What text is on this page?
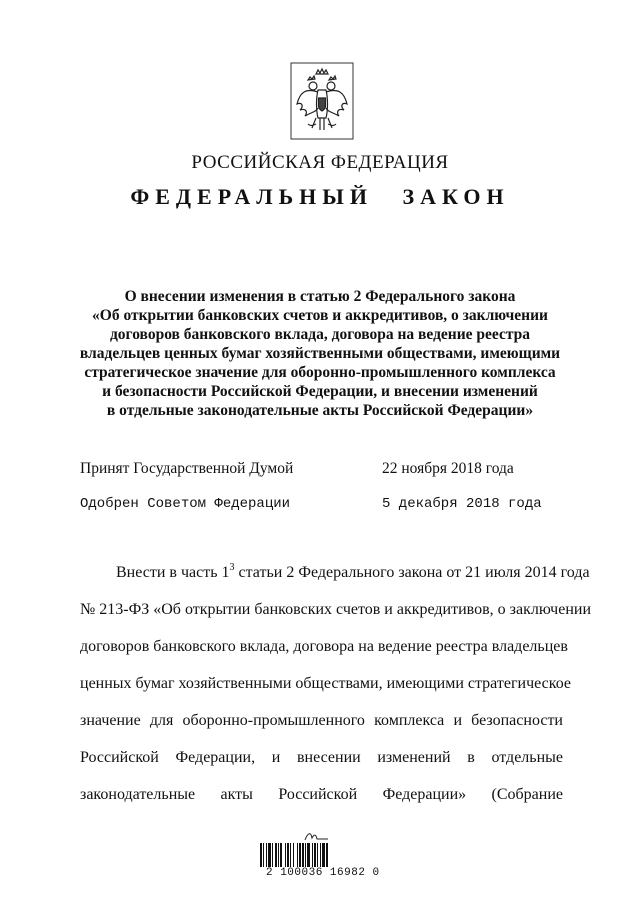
РОССИЙСКАЯ ФЕДЕРАЦИЯ
ФЕДЕРАЛЬНЫЙ ЗАКОН
О внесении изменения в статью 2 Федерального закона
«Об открытии банковских счетов и аккредитивов, о заключении
договоров банковского вклада, договора на ведение реестра
владельцев ценных бумаг хозяйственными обществами, имеющими
стратегическое значение для оборонно-промышленного комплекса
и безопасности Российской Федерации, и внесении изменений
в отдельные законодательные акты Российской Федерации»
Принят Государственной Думой	22 ноября 2018 года
Одобрен Советом Федерации	5 декабря 2018 года
Внести в часть $1^3$ статьи 2 Федерального закона от 21 июля 2014 года
№ 213-ФЗ «Об открытии банковских счетов и аккредитивов, о заключении
договоров банковского вклада, договора на ведение реестра владельцев
ценных бумаг хозяйственными обществами, имеющими стратегическое
значение для оборонно-промышленного комплекса и безопасности
Российской Федерации, и внесении изменений в отдельные
законодательные акты Российской Федерации» (Собрание
2 100036 16982 0
